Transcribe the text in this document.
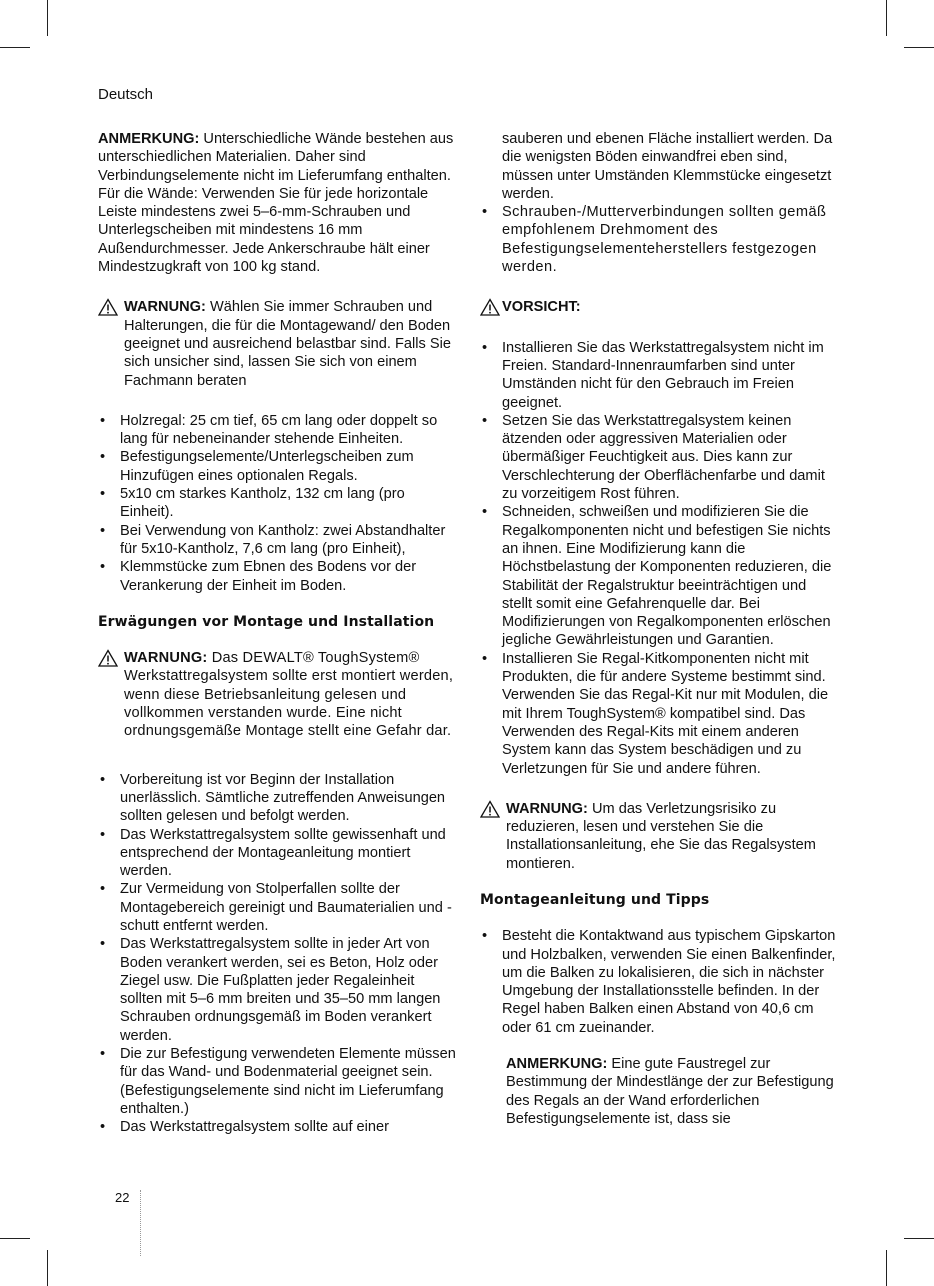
Deutsch

ANMERKUNG: Unterschiedliche Wände bestehen aus unterschiedlichen Materialien. Daher sind Verbindungselemente nicht im Lieferumfang enthalten. Für die Wände: Verwenden Sie für jede horizontale Leiste mindestens zwei 5–6-mm-Schrauben und Unterlegscheiben mit mindestens 16 mm Außendurchmesser. Jede Ankerschraube hält einer Mindestzugkraft von 100 kg stand.

WARNUNG: Wählen Sie immer Schrauben und Halterungen, die für die Montagewand/ den Boden geeignet und ausreichend belastbar sind. Falls Sie sich unsicher sind, lassen Sie sich von einem Fachmann beraten

• Holzregal: 25 cm tief, 65 cm lang oder doppelt so lang für nebeneinander stehende Einheiten.
• Befestigungselemente/Unterlegscheiben zum Hinzufügen eines optionalen Regals.
• 5x10 cm starkes Kantholz, 132 cm lang (pro Einheit).
• Bei Verwendung von Kantholz: zwei Abstandhalter für 5x10-Kantholz, 7,6 cm lang (pro Einheit),
• Klemmstücke zum Ebnen des Bodens vor der Verankerung der Einheit im Boden.

Erwägungen vor Montage und Installation

WARNUNG: Das DEWALT® ToughSystem® Werkstattregalsystem sollte erst montiert werden, wenn diese Betriebsanleitung gelesen und vollkommen verstanden wurde. Eine nicht ordnungsgemäße Montage stellt eine Gefahr dar.

• Vorbereitung ist vor Beginn der Installation unerlässlich. Sämtliche zutreffenden Anweisungen sollten gelesen und befolgt werden.
• Das Werkstattregalsystem sollte gewissenhaft und entsprechend der Montageanleitung montiert werden.
• Zur Vermeidung von Stolperfallen sollte der Montagebereich gereinigt und Baumaterialien und -schutt entfernt werden.
• Das Werkstattregalsystem sollte in jeder Art von Boden verankert werden, sei es Beton, Holz oder Ziegel usw. Die Fußplatten jeder Regaleinheit sollten mit 5–6 mm breiten und 35–50 mm langen Schrauben ordnungsgemäß im Boden verankert werden.
• Die zur Befestigung verwendeten Elemente müssen für das Wand- und Bodenmaterial geeignet sein. (Befestigungselemente sind nicht im Lieferumfang enthalten.)
• Das Werkstattregalsystem sollte auf einer

sauberen und ebenen Fläche installiert werden. Da die wenigsten Böden einwandfrei eben sind, müssen unter Umständen Klemmstücke eingesetzt werden.

• Schrauben-/Mutterverbindungen sollten gemäß empfohlenem Drehmoment des Befestigungselementeherstellers festgezogen werden.

VORSICHT:

• Installieren Sie das Werkstattregalsystem nicht im Freien. Standard-Innenraumfarben sind unter Umständen nicht für den Gebrauch im Freien geeignet.
• Setzen Sie das Werkstattregalsystem keinen ätzenden oder aggressiven Materialien oder übermäßiger Feuchtigkeit aus. Dies kann zur Verschlechterung der Oberflächenfarbe und damit zu vorzeitigem Rost führen.
• Schneiden, schweißen und modifizieren Sie die Regalkomponenten nicht und befestigen Sie nichts an ihnen. Eine Modifizierung kann die Höchstbelastung der Komponenten reduzieren, die Stabilität der Regalstruktur beeinträchtigen und stellt somit eine Gefahrenquelle dar. Bei Modifizierungen von Regalkomponenten erlöschen jegliche Gewährleistungen und Garantien.
• Installieren Sie Regal-Kitkomponenten nicht mit Produkten, die für andere Systeme bestimmt sind. Verwenden Sie das Regal-Kit nur mit Modulen, die mit Ihrem ToughSystem® kompatibel sind. Das Verwenden des Regal-Kits mit einem anderen System kann das System beschädigen und zu Verletzungen für Sie und andere führen.

WARNUNG: Um das Verletzungsrisiko zu reduzieren, lesen und verstehen Sie die Installationsanleitung, ehe Sie das Regalsystem montieren.

Montageanleitung und Tipps

• Besteht die Kontaktwand aus typischem Gipskarton und Holzbalken, verwenden Sie einen Balkenfinder, um die Balken zu lokalisieren, die sich in nächster Umgebung der Installationsstelle befinden. In der Regel haben Balken einen Abstand von 40,6 cm oder 61 cm zueinander.

ANMERKUNG: Eine gute Faustregel zur Bestimmung der Mindestlänge der zur Befestigung des Regals an der Wand erforderlichen Befestigungselemente ist, dass sie

22
